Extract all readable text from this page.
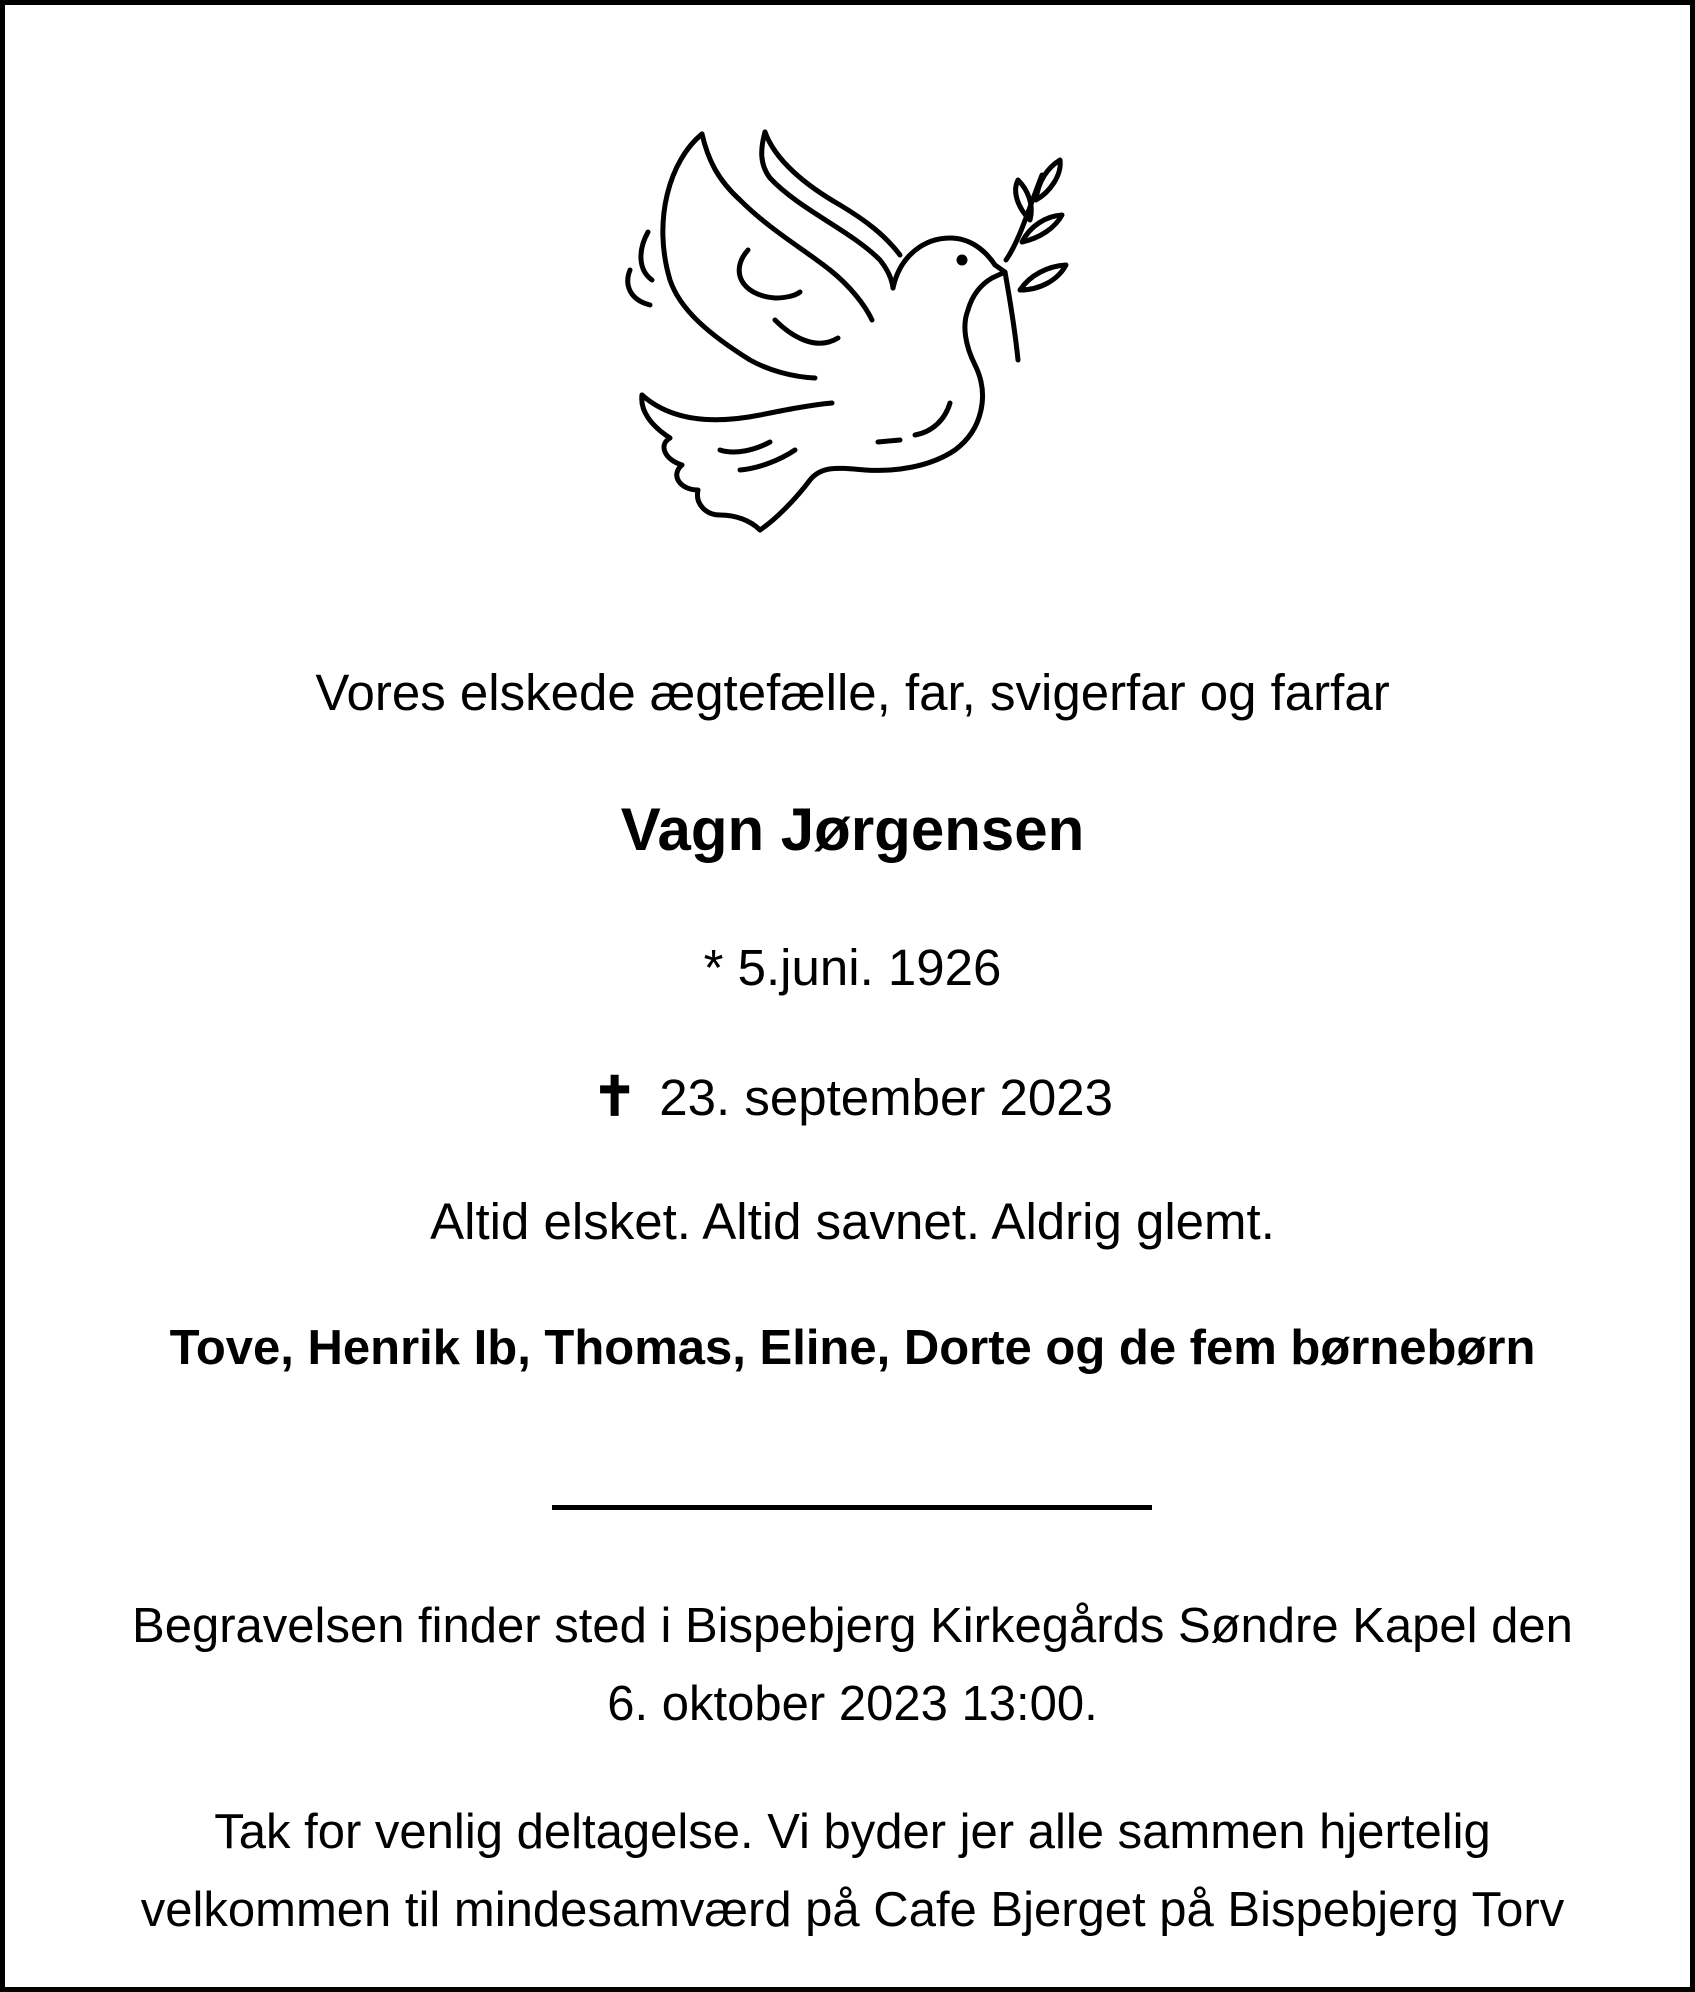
Vores elskede ægtefælle, far, svigerfar og farfar
Vagn Jørgensen
* 5.juni. 1926
✝ 23. september 2023
Altid elsket. Altid savnet. Aldrig glemt.
Tove, Henrik Ib, Thomas, Eline, Dorte og de fem børnebørn
Begravelsen finder sted i Bispebjerg Kirkegårds Søndre Kapel den
6. oktober 2023 13:00.
Tak for venlig deltagelse. Vi byder jer alle sammen hjertelig
velkommen til mindesamværd på Cafe Bjerget på Bispebjerg Torv
